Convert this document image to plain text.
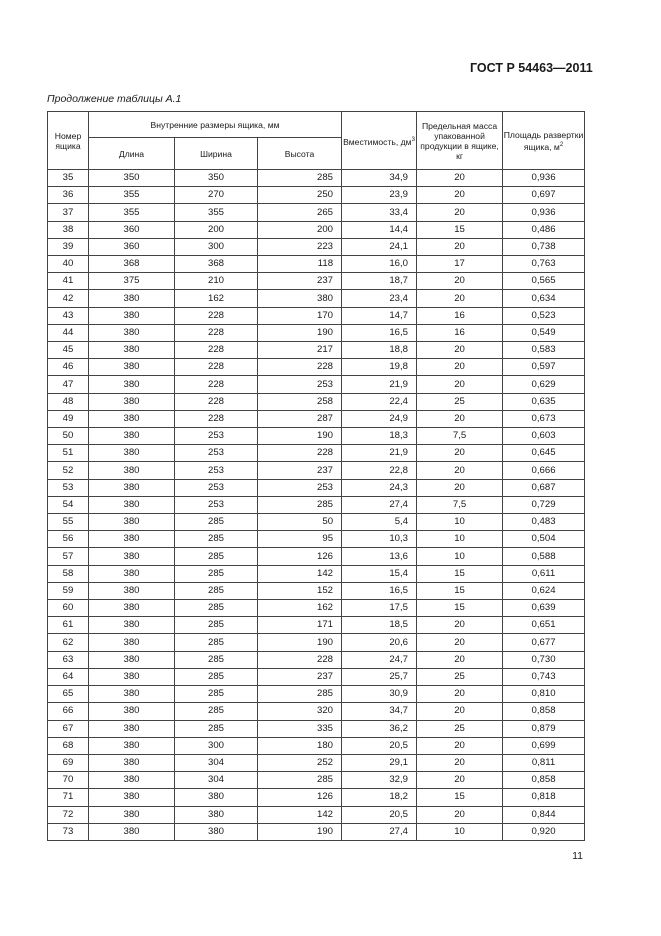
ГОСТ Р 54463—2011
Продолжение таблицы А.1
Номер ящика	Внутренние размеры ящика, мм			Вместимость, $дм^3$	Предельная масса упакованной продукции в ящике, кг	Площадь развертки ящика, $м^2$
	Длина	Ширина	Высота			
35	350	350	285	34,9	20	0,936
36	355	270	250	23,9	20	0,697
37	355	355	265	33,4	20	0,936
38	360	200	200	14,4	15	0,486
39	360	300	223	24,1	20	0,738
40	368	368	118	16,0	17	0,763
41	375	210	237	18,7	20	0,565
42	380	162	380	23,4	20	0,634
43	380	228	170	14,7	16	0,523
44	380	228	190	16,5	16	0,549
45	380	228	217	18,8	20	0,583
46	380	228	228	19,8	20	0,597
47	380	228	253	21,9	20	0,629
48	380	228	258	22,4	25	0,635
49	380	228	287	24,9	20	0,673
50	380	253	190	18,3	7,5	0,603
51	380	253	228	21,9	20	0,645
52	380	253	237	22,8	20	0,666
53	380	253	253	24,3	20	0,687
54	380	253	285	27,4	7,5	0,729
55	380	285	50	5,4	10	0,483
56	380	285	95	10,3	10	0,504
57	380	285	126	13,6	10	0,588
58	380	285	142	15,4	15	0,611
59	380	285	152	16,5	15	0,624
60	380	285	162	17,5	15	0,639
61	380	285	171	18,5	20	0,651
62	380	285	190	20,6	20	0,677
63	380	285	228	24,7	20	0,730
64	380	285	237	25,7	25	0,743
65	380	285	285	30,9	20	0,810
66	380	285	320	34,7	20	0,858
67	380	285	335	36,2	25	0,879
68	380	300	180	20,5	20	0,699
69	380	304	252	29,1	20	0,811
70	380	304	285	32,9	20	0,858
71	380	380	126	18,2	15	0,818
72	380	380	142	20,5	20	0,844
73	380	380	190	27,4	10	0,920
11
